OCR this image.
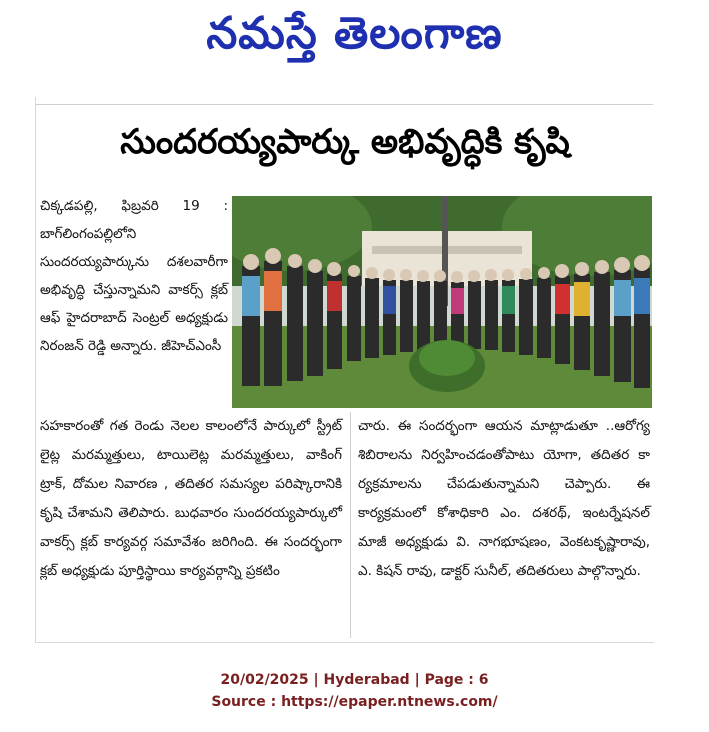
నమస్తే తెలంగాణ
సుందరయ్యపార్కు అభివృద్ధికి కృషి
చిక్కడపల్లి, ఫిబ్రవరి 19 : బాగ్‌లింగంపల్లిలోని సుందరయ్యపార్కును దశలవారీగా అభివృద్ధి చేస్తున్నామని వాకర్స్ క్లబ్ ఆఫ్ హైదరాబాద్ సెంట్రల్ అధ్యక్షుడు నిరంజన్ రెడ్డి అన్నారు. జీహెచ్‌ఎంసీ
సహకారంతో గత రెండు నెలల కాలంలోనే పార్కులో స్ట్రీట్ లైట్ల మరమ్మత్తులు, టాయిలెట్ల మరమ్మత్తులు, వాకింగ్ ట్రాక్, దోమల నివారణ , తదితర సమస్యల పరిష్కారానికి కృషి చేశామని తెలిపారు. బుధవారం సుందరయ్యపార్కులో వాకర్స్ క్లబ్ కార్యవర్గ సమావేశం జరిగింది. ఈ సందర్భంగా క్లబ్ అధ్యక్షుడు పూర్తిస్థాయి కార్యవర్గాన్ని ప్రకటిం
చారు. ఈ సందర్భంగా ఆయన మాట్లాడుతూ ..ఆరోగ్య శిబిరాలను నిర్వహించడంతోపాటు యోగా, తదితర కా ర్యక్రమాలను చేపడుతున్నామని చెప్పారు. ఈ కార్యక్రమంలో కోశాధికారి ఎం. దశరథ్, ఇంటర్నేషనల్ మాజీ అధ్యక్షుడు వి. నాగభూషణం, వెంకటకృష్ణారావు, ఎ. కిషన్ రావు, డాక్టర్ సునీల్, తదితరులు పాల్గొన్నారు.
20/02/2025 | Hyderabad | Page : 6
Source : https://epaper.ntnews.com/
